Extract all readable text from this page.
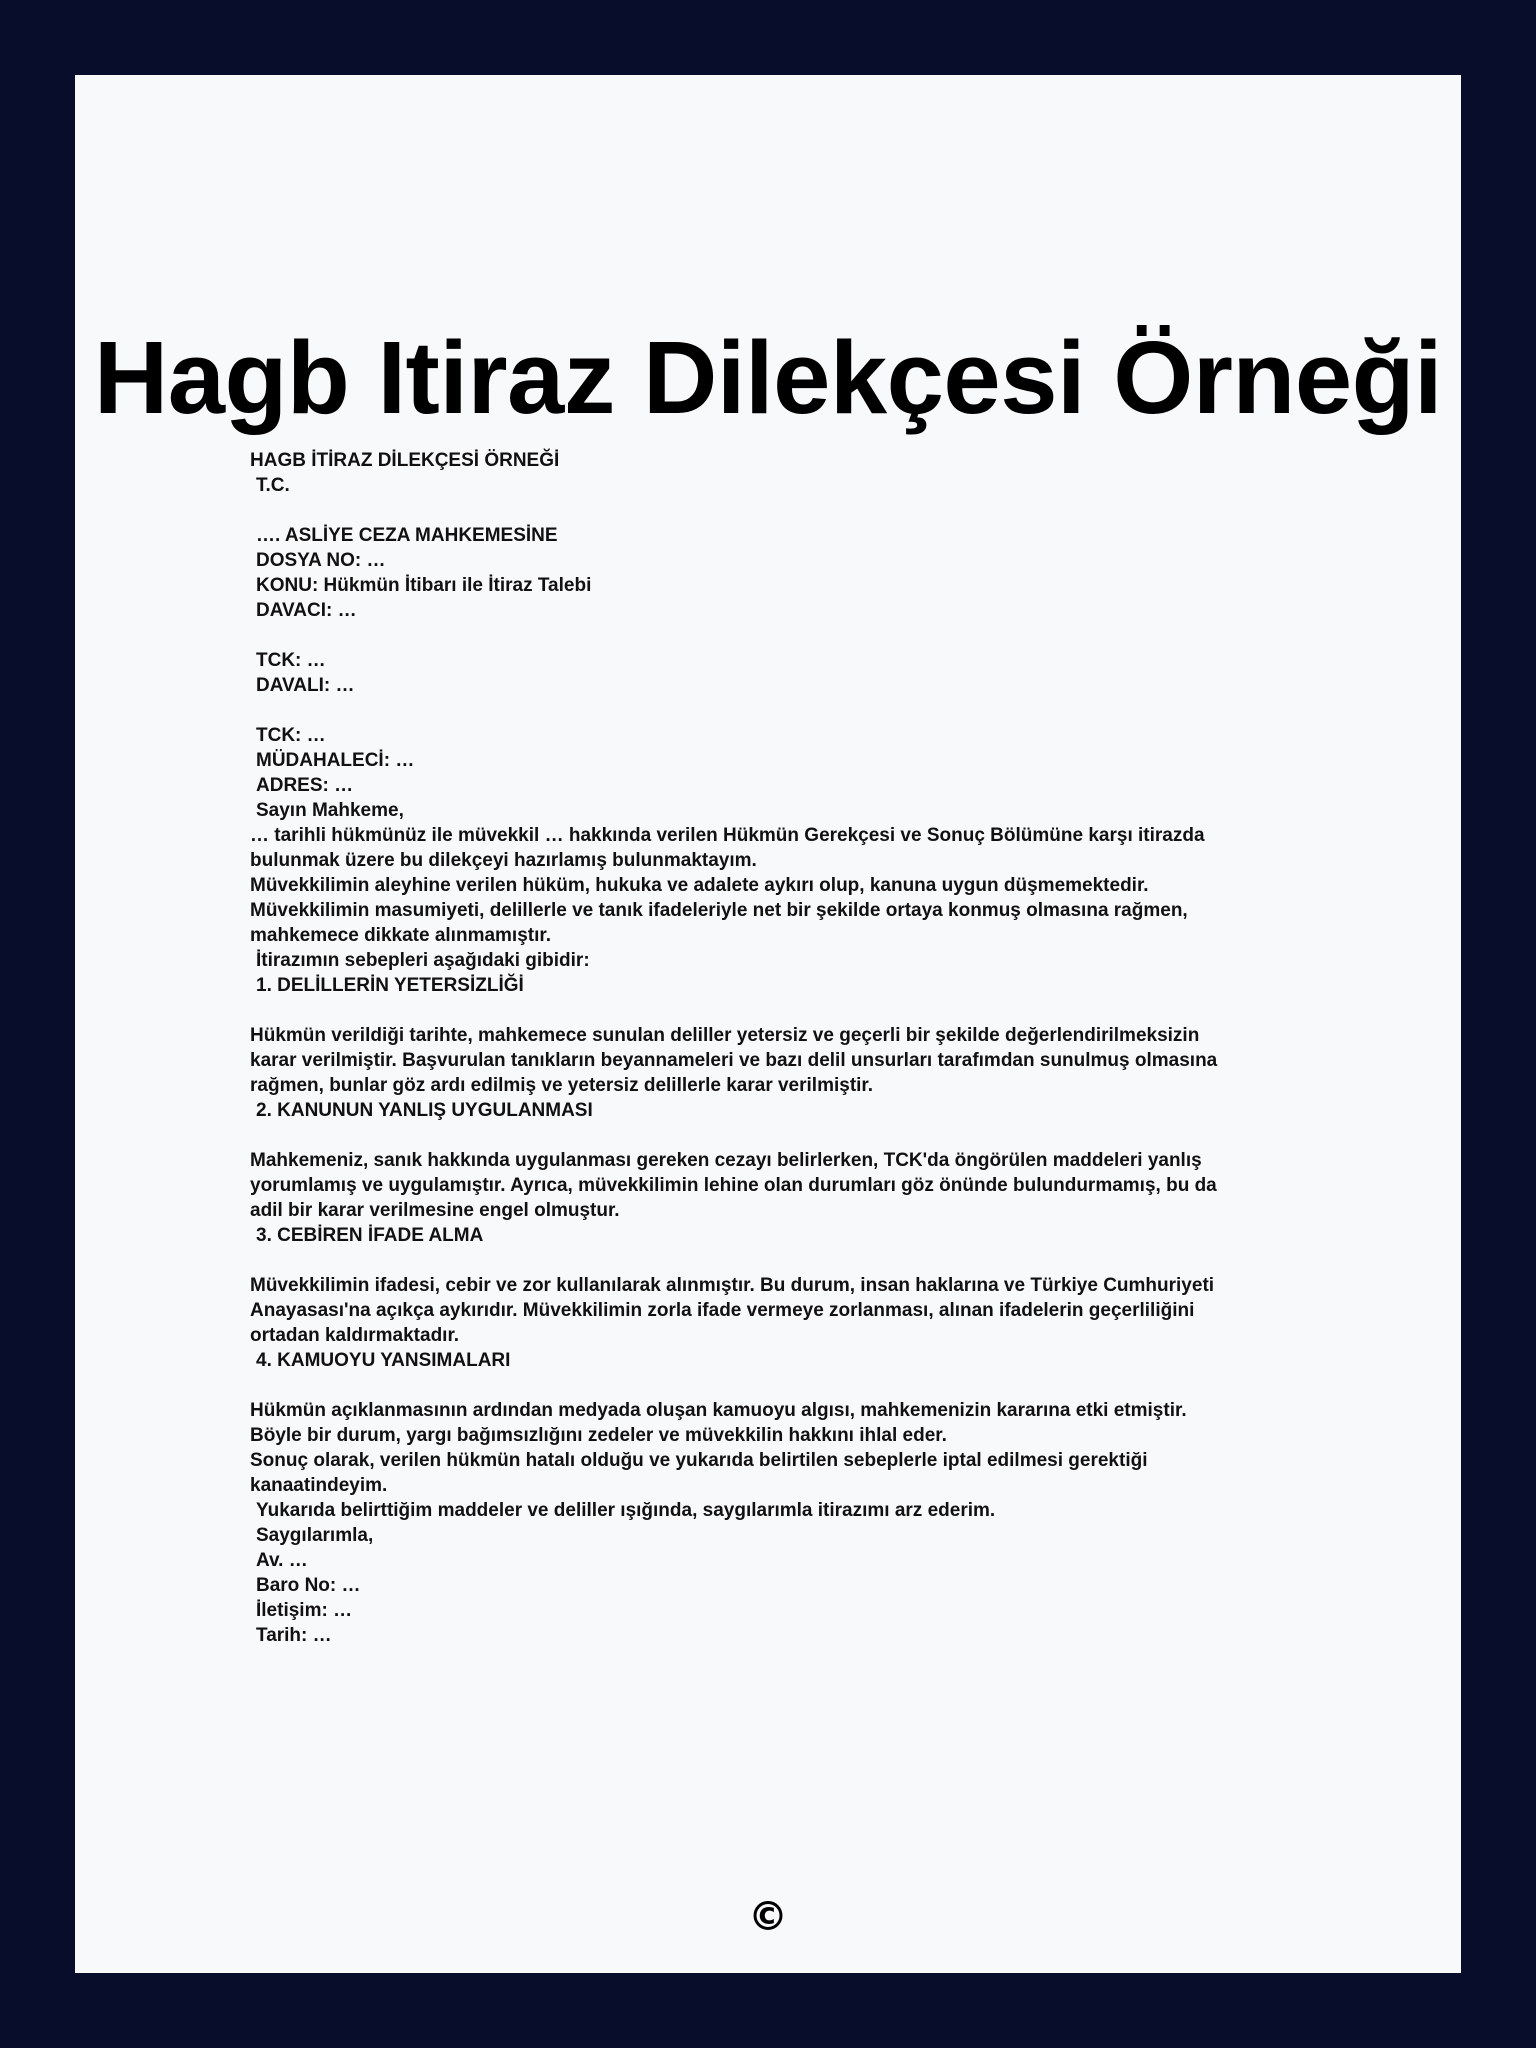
Hagb Itiraz Dilekçesi Örneği
HAGB İTİRAZ DİLEKÇESİ ÖRNEĞİ
T.C.
…. ASLİYE CEZA MAHKEMESİNE
DOSYA NO: …
KONU: Hükmün İtibarı ile İtiraz Talebi
DAVACI: …
TCK: …
DAVALI: …
TCK: …
MÜDAHALECİ: …
ADRES: …
Sayın Mahkeme,
… tarihli hükmünüz ile müvekkil … hakkında verilen Hükmün Gerekçesi ve Sonuç Bölümüne karşı itirazda
bulunmak üzere bu dilekçeyi hazırlamış bulunmaktayım.
Müvekkilimin aleyhine verilen hüküm, hukuka ve adalete aykırı olup, kanuna uygun düşmemektedir.
Müvekkilimin masumiyeti, delillerle ve tanık ifadeleriyle net bir şekilde ortaya konmuş olmasına rağmen,
mahkemece dikkate alınmamıştır.
İtirazımın sebepleri aşağıdaki gibidir:
1. DELİLLERİN YETERSİZLİĞİ
Hükmün verildiği tarihte, mahkemece sunulan deliller yetersiz ve geçerli bir şekilde değerlendirilmeksizin
karar verilmiştir. Başvurulan tanıkların beyannameleri ve bazı delil unsurları tarafımdan sunulmuş olmasına
rağmen, bunlar göz ardı edilmiş ve yetersiz delillerle karar verilmiştir.
2. KANUNUN YANLIŞ UYGULANMASI
Mahkemeniz, sanık hakkında uygulanması gereken cezayı belirlerken, TCK'da öngörülen maddeleri yanlış
yorumlamış ve uygulamıştır. Ayrıca, müvekkilimin lehine olan durumları göz önünde bulundurmamış, bu da
adil bir karar verilmesine engel olmuştur.
3. CEBİREN İFADE ALMA
Müvekkilimin ifadesi, cebir ve zor kullanılarak alınmıştır. Bu durum, insan haklarına ve Türkiye Cumhuriyeti
Anayasası'na açıkça aykırıdır. Müvekkilimin zorla ifade vermeye zorlanması, alınan ifadelerin geçerliliğini
ortadan kaldırmaktadır.
4. KAMUOYU YANSIMALARI
Hükmün açıklanmasının ardından medyada oluşan kamuoyu algısı, mahkemenizin kararına etki etmiştir.
Böyle bir durum, yargı bağımsızlığını zedeler ve müvekkilin hakkını ihlal eder.
Sonuç olarak, verilen hükmün hatalı olduğu ve yukarıda belirtilen sebeplerle iptal edilmesi gerektiği
kanaatindeyim.
Yukarıda belirttiğim maddeler ve deliller ışığında, saygılarımla itirazımı arz ederim.
Saygılarımla,
Av. …
Baro No: …
İletişim: …
Tarih: …
©
